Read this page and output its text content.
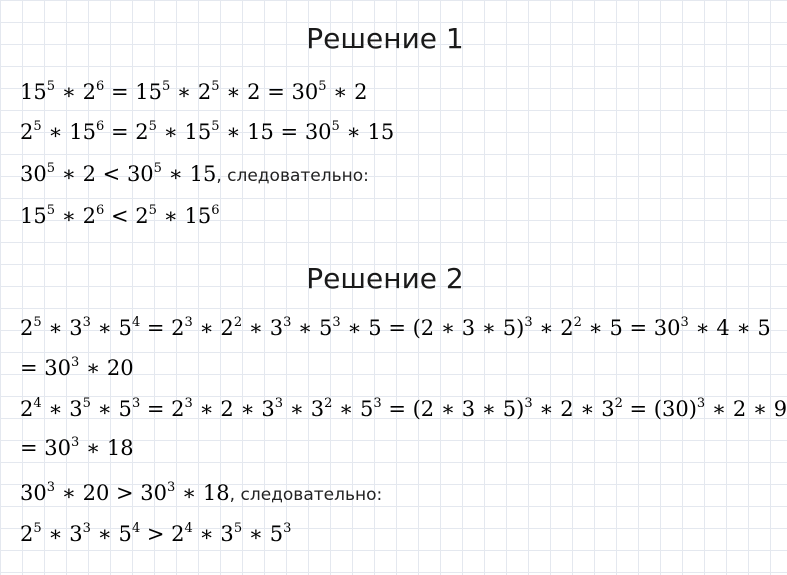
Решение 1
$15^5$ ∗ $2^6 = 15^5$ ∗ $2^5$ ∗ $2 = 30^5$ ∗ 2
$2^5$ ∗ $15^6 = 2^5$ ∗ $15^5$ ∗ $15 = 30^5$ ∗ 15
$30^5$ ∗ $2 < 30^5$ ∗ 15, следовательно:
$15^5$ ∗ $2^6 < 2^5$ ∗ $15^6$
Решение 2
$2^5$ ∗ $3^3$ ∗ $5^4 = 2^3$ ∗ $2^2$ ∗ $3^3$ ∗ $5^3$ ∗ 5 = (2 ∗ 3 ∗ 5)$^3$ ∗ $2^2$ ∗ $5 = 30^3$ ∗ 4 ∗ 5
= $30^3$ ∗ 20
$2^4$ ∗ $3^5$ ∗ $5^3 = 2^3$ ∗ 2 ∗ $3^3$ ∗ $3^2$ ∗ $5^3 = (2$ ∗ 3 ∗ 5)$^3$ ∗ 2 ∗ $3^2 = (30)^3$ ∗ 2 ∗ 9
= $30^3$ ∗ 18
$30^3$ ∗ $20 > 30^3$ ∗ 18, следовательно:
$2^5$ ∗ $3^3$ ∗ $5^4 > 2^4$ ∗ $3^5$ ∗ $5^3$
